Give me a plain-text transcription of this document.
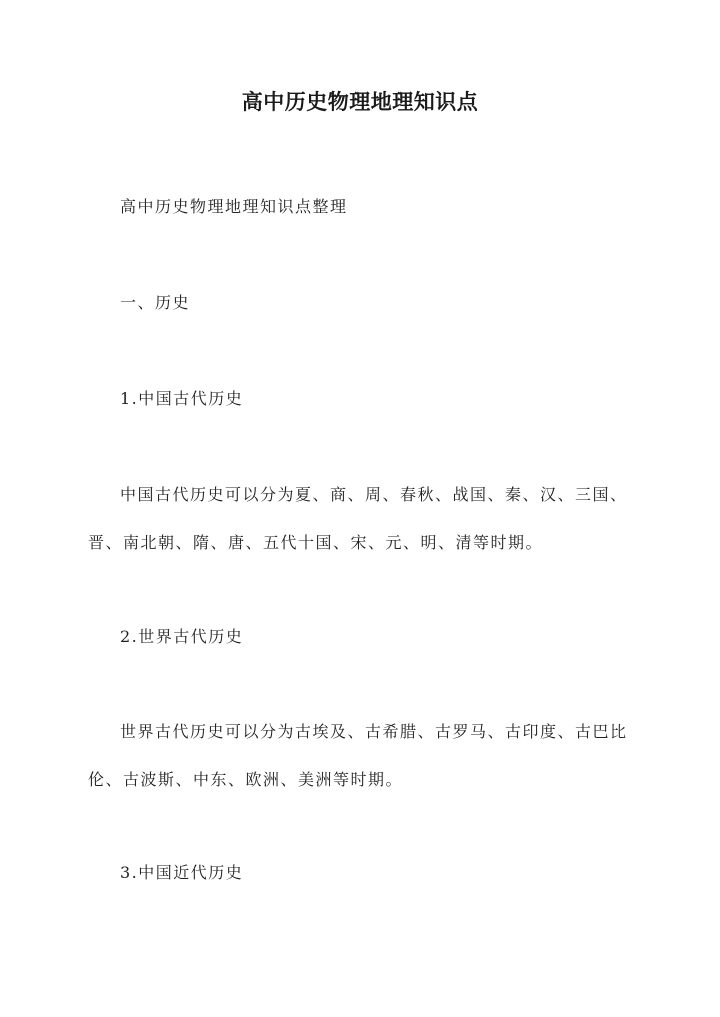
高中历史物理地理知识点
高中历史物理地理知识点整理
一、历史
1.中国古代历史
中国古代历史可以分为夏、商、周、春秋、战国、秦、汉、三国、晋、南北朝、隋、唐、五代十国、宋、元、明、清等时期。
2.世界古代历史
世界古代历史可以分为古埃及、古希腊、古罗马、古印度、古巴比伦、古波斯、中东、欧洲、美洲等时期。
3.中国近代历史
